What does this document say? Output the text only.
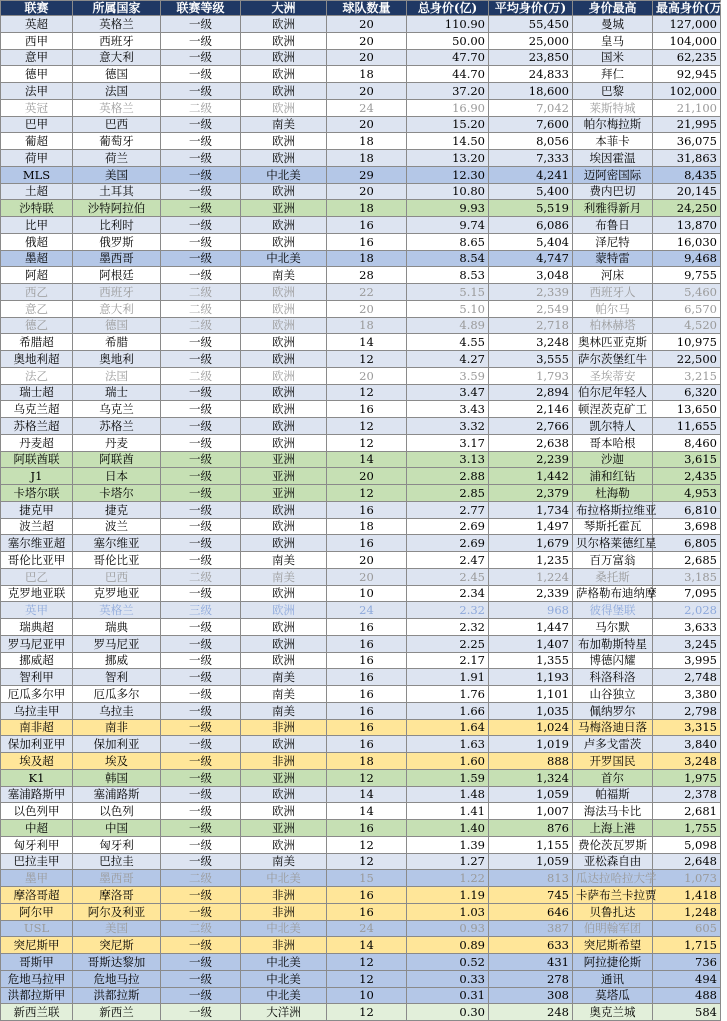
联赛	所属国家	联赛等级	大洲	球队数量	总身价(亿)	平均身价(万)	身价最高	最高身价(万)
英超	英格兰	一级	欧洲	20	110.90	55,450	曼城	127,000
西甲	西班牙	一级	欧洲	20	50.00	25,000	皇马	104,000
意甲	意大利	一级	欧洲	20	47.70	23,850	国米	62,235
德甲	德国	一级	欧洲	18	44.70	24,833	拜仁	92,945
法甲	法国	一级	欧洲	20	37.20	18,600	巴黎	102,000
英冠	英格兰	二级	欧洲	24	16.90	7,042	莱斯特城	21,100
巴甲	巴西	一级	南美	20	15.20	7,600	帕尔梅拉斯	21,995
葡超	葡萄牙	一级	欧洲	18	14.50	8,056	本菲卡	36,075
荷甲	荷兰	一级	欧洲	18	13.20	7,333	埃因霍温	31,863
MLS	美国	一级	中北美	29	12.30	4,241	迈阿密国际	8,435
土超	土耳其	一级	欧洲	20	10.80	5,400	费内巴切	20,145
沙特联	沙特阿拉伯	一级	亚洲	18	9.93	5,519	利雅得新月	24,250
比甲	比利时	一级	欧洲	16	9.74	6,086	布鲁日	13,870
俄超	俄罗斯	一级	欧洲	16	8.65	5,404	泽尼特	16,030
墨超	墨西哥	一级	中北美	18	8.54	4,747	蒙特雷	9,468
阿超	阿根廷	一级	南美	28	8.53	3,048	河床	9,755
西乙	西班牙	二级	欧洲	22	5.15	2,339	西班牙人	5,460
意乙	意大利	二级	欧洲	20	5.10	2,549	帕尔马	6,570
德乙	德国	二级	欧洲	18	4.89	2,718	柏林赫塔	4,520
希腊超	希腊	一级	欧洲	14	4.55	3,248	奥林匹亚克斯	10,975
奥地利超	奥地利	一级	欧洲	12	4.27	3,555	萨尔茨堡红牛	22,500
法乙	法国	二级	欧洲	20	3.59	1,793	圣埃蒂安	3,215
瑞士超	瑞士	一级	欧洲	12	3.47	2,894	伯尔尼年轻人	6,320
乌克兰超	乌克兰	一级	欧洲	16	3.43	2,146	顿涅茨克矿工	13,650
苏格兰超	苏格兰	一级	欧洲	12	3.32	2,766	凯尔特人	11,655
丹麦超	丹麦	一级	欧洲	12	3.17	2,638	哥本哈根	8,460
阿联酋联	阿联酋	一级	亚洲	14	3.13	2,239	沙迦	3,615
J1	日本	一级	亚洲	20	2.88	1,442	浦和红钻	2,435
卡塔尔联	卡塔尔	一级	亚洲	12	2.85	2,379	杜海勒	4,953
捷克甲	捷克	一级	欧洲	16	2.77	1,734	布拉格斯拉维亚	6,810
波兰超	波兰	一级	欧洲	18	2.69	1,497	琴斯托霍瓦	3,698
塞尔维亚超	塞尔维亚	一级	欧洲	16	2.69	1,679	贝尔格莱德红星	6,805
哥伦比亚甲	哥伦比亚	一级	南美	20	2.47	1,235	百万富翁	2,685
巴乙	巴西	二级	南美	20	2.45	1,224	桑托斯	3,185
克罗地亚联	克罗地亚	一级	欧洲	10	2.34	2,339	萨格勒布迪纳摩	7,095
英甲	英格兰	三级	欧洲	24	2.32	968	彼得堡联	2,028
瑞典超	瑞典	一级	欧洲	16	2.32	1,447	马尔默	3,633
罗马尼亚甲	罗马尼亚	一级	欧洲	16	2.25	1,407	布加勒斯特星	3,245
挪威超	挪威	一级	欧洲	16	2.17	1,355	博德闪耀	3,995
智利甲	智利	一级	南美	16	1.91	1,193	科洛科洛	2,748
厄瓜多尔甲	厄瓜多尔	一级	南美	16	1.76	1,101	山谷独立	3,380
乌拉圭甲	乌拉圭	一级	南美	16	1.66	1,035	佩纳罗尔	2,798
南非超	南非	一级	非洲	16	1.64	1,024	马梅洛迪日落	3,315
保加利亚甲	保加利亚	一级	欧洲	16	1.63	1,019	卢多戈雷茨	3,840
埃及超	埃及	一级	非洲	18	1.60	888	开罗国民	3,248
K1	韩国	一级	亚洲	12	1.59	1,324	首尔	1,975
塞浦路斯甲	塞浦路斯	一级	欧洲	14	1.48	1,059	帕福斯	2,378
以色列甲	以色列	一级	欧洲	14	1.41	1,007	海法马卡比	2,681
中超	中国	一级	亚洲	16	1.40	876	上海上港	1,755
匈牙利甲	匈牙利	一级	欧洲	12	1.39	1,155	费伦茨瓦罗斯	5,098
巴拉圭甲	巴拉圭	一级	南美	12	1.27	1,059	亚松森自由	2,648
墨甲	墨西哥	二级	中北美	15	1.22	813	瓜达拉哈拉大学	1,073
摩洛哥超	摩洛哥	一级	非洲	16	1.19	745	卡萨布兰卡拉贾	1,418
阿尔甲	阿尔及利亚	一级	非洲	16	1.03	646	贝鲁扎达	1,248
USL	美国	二级	中北美	24	0.93	387	伯明翰军团	605
突尼斯甲	突尼斯	一级	非洲	14	0.89	633	突尼斯希望	1,715
哥斯甲	哥斯达黎加	一级	中北美	12	0.52	431	阿拉捷伦斯	736
危地马拉甲	危地马拉	一级	中北美	12	0.33	278	通讯	494
洪都拉斯甲	洪都拉斯	一级	中北美	10	0.31	308	莫塔瓜	488
新西兰联	新西兰	一级	大洋洲	12	0.30	248	奥克兰城	584
